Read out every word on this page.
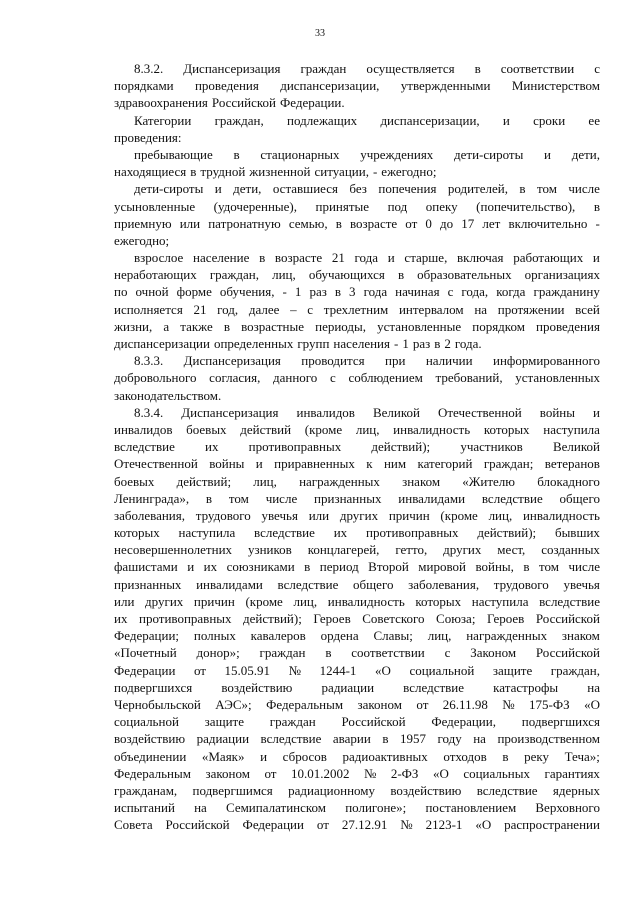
33
8.3.2. Диспансеризация граждан осуществляется в соответствии с
порядками проведения диспансеризации, утвержденными Министерством
здравоохранения Российской Федерации.
Категории граждан, подлежащих диспансеризации, и сроки ее
проведения:
пребывающие в стационарных учреждениях дети-сироты и дети,
находящиеся в трудной жизненной ситуации, - ежегодно;
дети-сироты и дети, оставшиеся без попечения родителей, в том числе
усыновленные (удочеренные), принятые под опеку (попечительство), в
приемную или патронатную семью, в возрасте от 0 до 17 лет включительно -
ежегодно;
взрослое население в возрасте 21 года и старше, включая работающих и
неработающих граждан, лиц, обучающихся в образовательных организациях
по очной форме обучения, - 1 раз в 3 года начиная с года, когда гражданину
исполняется 21 год, далее – с трехлетним интервалом на протяжении всей
жизни, а также в возрастные периоды, установленные порядком проведения
диспансеризации определенных групп населения - 1 раз в 2 года.
8.3.3. Диспансеризация проводится при наличии информированного
добровольного согласия, данного с соблюдением требований, установленных
законодательством.
8.3.4. Диспансеризация инвалидов Великой Отечественной войны и
инвалидов боевых действий (кроме лиц, инвалидность которых наступила
вследствие их противоправных действий); участников Великой
Отечественной войны и приравненных к ним категорий граждан; ветеранов
боевых действий; лиц, награжденных знаком «Жителю блокадного
Ленинграда», в том числе признанных инвалидами вследствие общего
заболевания, трудового увечья или других причин (кроме лиц, инвалидность
которых наступила вследствие их противоправных действий); бывших
несовершеннолетних узников концлагерей, гетто, других мест, созданных
фашистами и их союзниками в период Второй мировой войны, в том числе
признанных инвалидами вследствие общего заболевания, трудового увечья
или других причин (кроме лиц, инвалидность которых наступила вследствие
их противоправных действий); Героев Советского Союза; Героев Российской
Федерации; полных кавалеров ордена Славы; лиц, награжденных знаком
«Почетный донор»; граждан в соответствии с Законом Российской
Федерации от 15.05.91 № 1244-1 «О социальной защите граждан,
подвергшихся воздействию радиации вследствие катастрофы на
Чернобыльской АЭС»; Федеральным законом от 26.11.98 № 175-ФЗ «О
социальной защите граждан Российской Федерации, подвергшихся
воздействию радиации вследствие аварии в 1957 году на производственном
объединении «Маяк» и сбросов радиоактивных отходов в реку Теча»;
Федеральным законом от 10.01.2002 № 2-ФЗ «О социальных гарантиях
гражданам, подвергшимся радиационному воздействию вследствие ядерных
испытаний на Семипалатинском полигоне»; постановлением Верховного
Совета Российской Федерации от 27.12.91 № 2123-1 «О распространении
